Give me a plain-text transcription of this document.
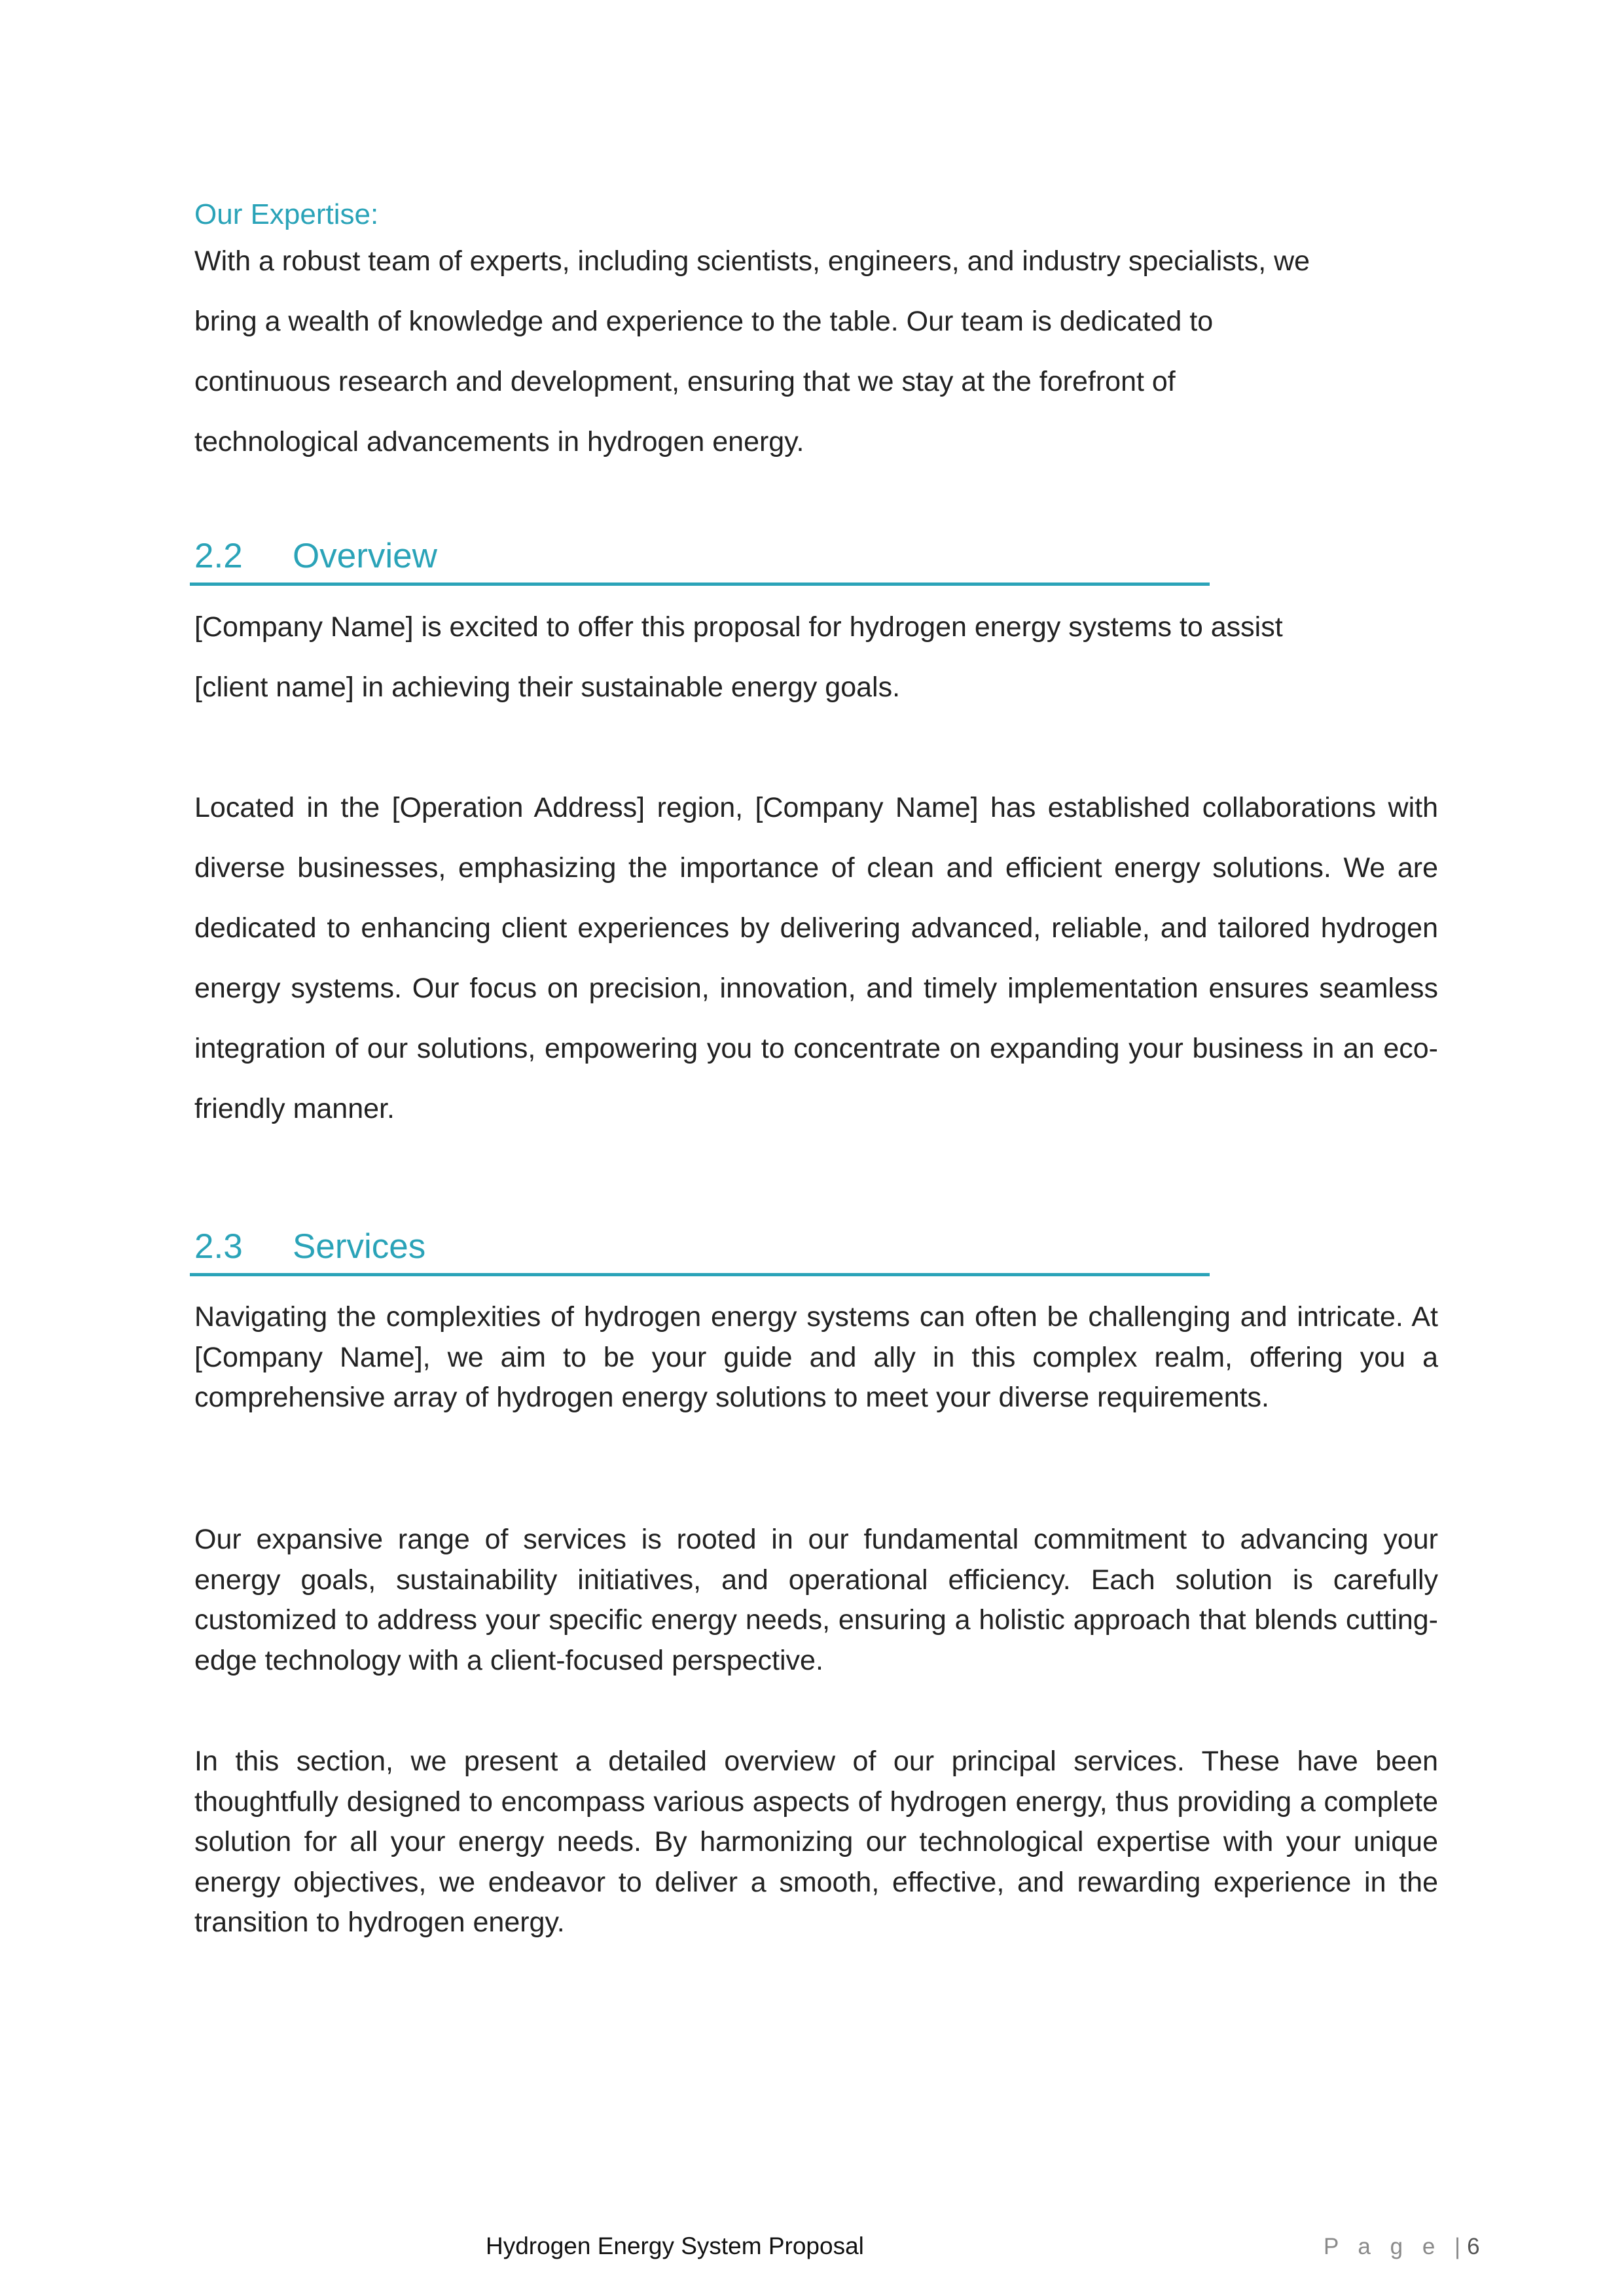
Our Expertise:

With a robust team of experts, including scientists, engineers, and industry specialists, we
bring a wealth of knowledge and experience to the table. Our team is dedicated to
continuous research and development, ensuring that we stay at the forefront of
technological advancements in hydrogen energy.
2.2 Overview
[Company Name] is excited to offer this proposal for hydrogen energy systems to assist
[client name] in achieving their sustainable energy goals.

Located in the [Operation Address] region, [Company Name] has established collaborations with diverse businesses, emphasizing the importance of clean and efficient energy solutions. We are dedicated to enhancing client experiences by delivering advanced, reliable, and tailored hydrogen energy systems. Our focus on precision, innovation, and timely implementation ensures seamless integration of our solutions, empowering you to concentrate on expanding your business in an eco-friendly manner.

2.3 Services

Navigating the complexities of hydrogen energy systems can often be challenging and intricate. At [Company Name], we aim to be your guide and ally in this complex realm, offering you a comprehensive array of hydrogen energy solutions to meet your diverse requirements.

Our expansive range of services is rooted in our fundamental commitment to advancing your energy goals, sustainability initiatives, and operational efficiency. Each solution is carefully customized to address your specific energy needs, ensuring a holistic approach that blends cutting-edge technology with a client-focused perspective.

In this section, we present a detailed overview of our principal services. These have been thoughtfully designed to encompass various aspects of hydrogen energy, thus providing a complete solution for all your energy needs. By harmonizing our technological expertise with your unique energy objectives, we endeavor to deliver a smooth, effective, and rewarding experience in the transition to hydrogen energy.

Hydrogen Energy System Proposal	P a g e |6
